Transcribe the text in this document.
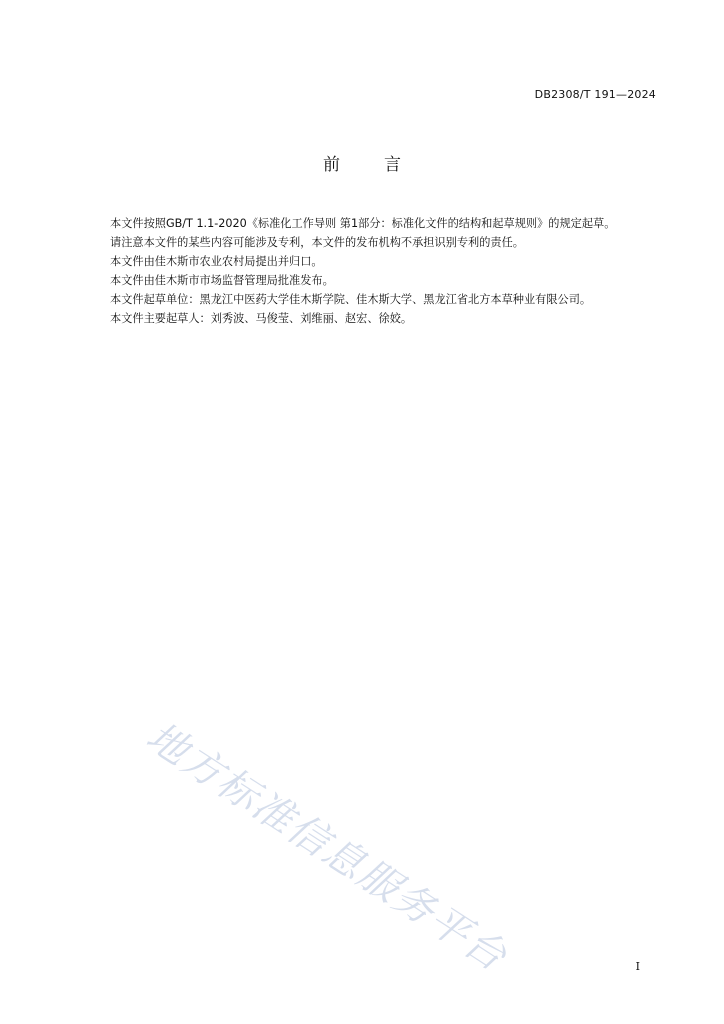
DB2308/T 191—2024
前言

本文件按照GB/T 1.1-2020《标准化工作导则 第1部分：标准化文件的结构和起草规则》的规定起草。

请注意本文件的某些内容可能涉及专利，本文件的发布机构不承担识别专利的责任。

本文件由佳木斯市农业农村局提出并归口。

本文件由佳木斯市市场监督管理局批准发布。

本文件起草单位：黑龙江中医药大学佳木斯学院、佳木斯大学、黑龙江省北方本草种业有限公司。

本文件主要起草人：刘秀波、马俊莹、刘维丽、赵宏、徐姣。

地方标准信息服务平台	I
